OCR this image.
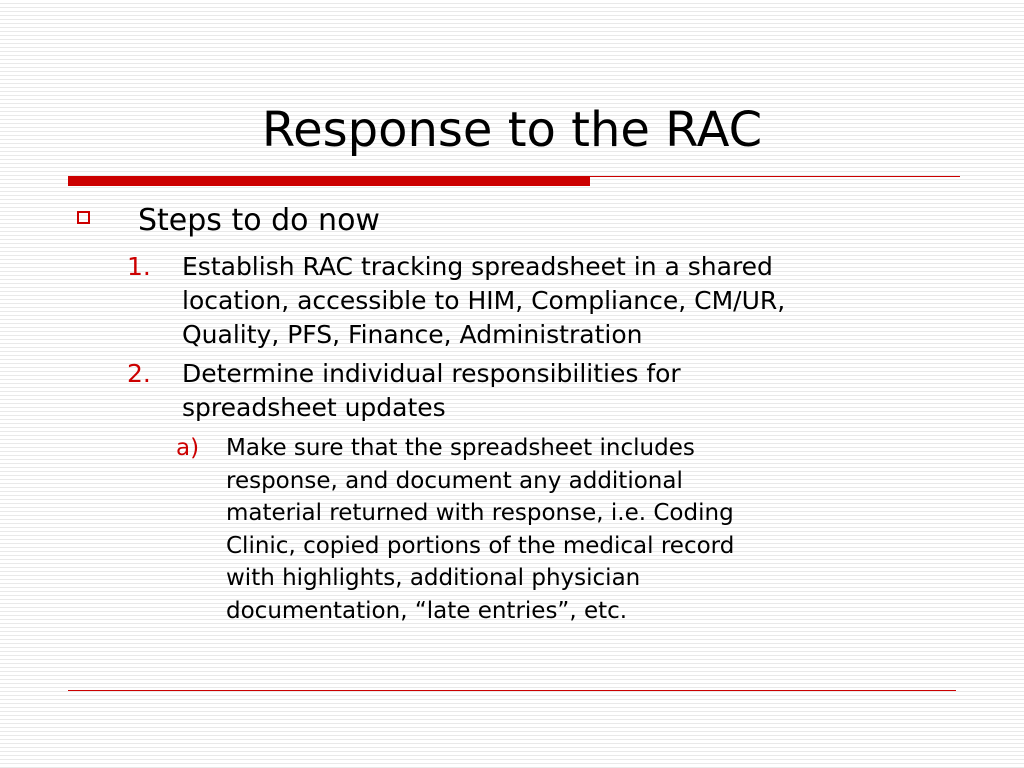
Response to the RAC
Steps to do now
1. Establish RAC tracking spreadsheet in a shared
location, accessible to HIM, Compliance, CM/UR,
Quality, PFS, Finance, Administration
2. Determine individual responsibilities for
spreadsheet updates
a) Make sure that the spreadsheet includes
response, and document any additional
material returned with response, i.e. Coding
Clinic, copied portions of the medical record
with highlights, additional physician
documentation, “late entries”, etc.
